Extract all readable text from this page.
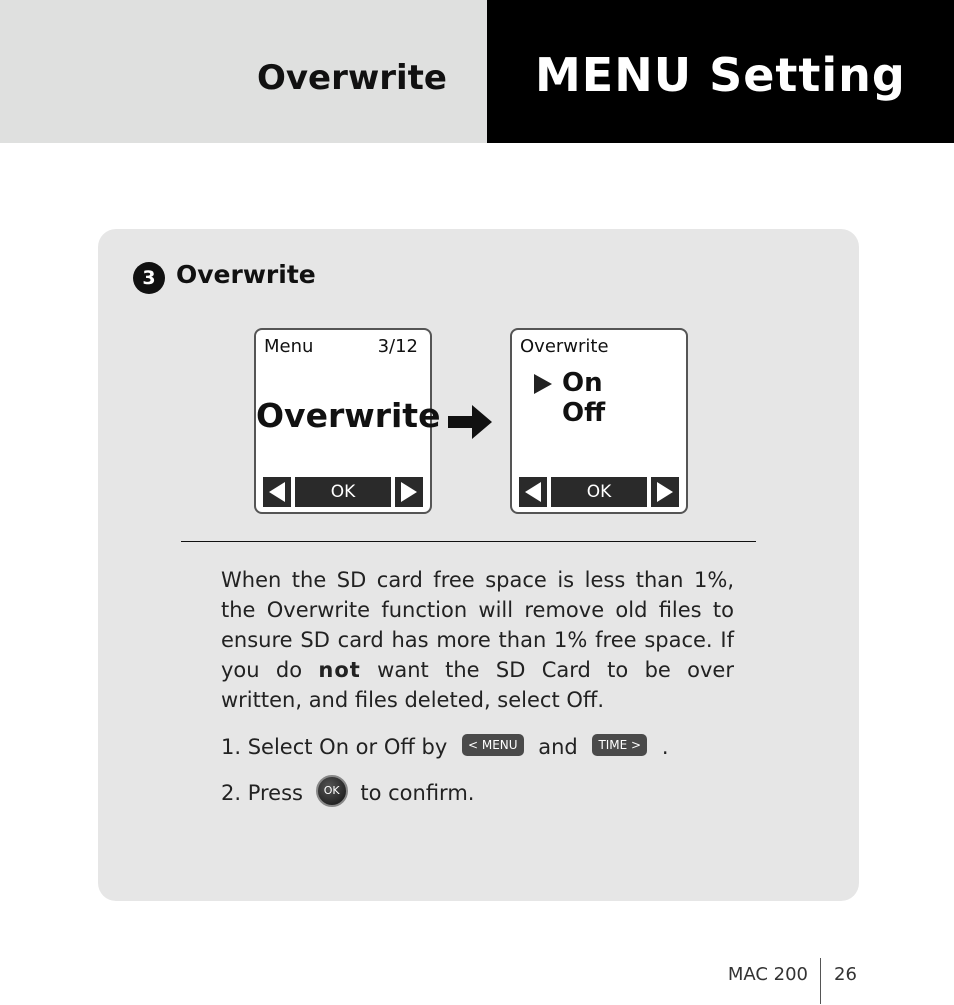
Overwrite MENU Setting
3 Overwrite
Menu	3/12
Overwrite
OK
Overwrite
On
Off
OK
When the SD card free space is less than 1%, the Overwrite function will remove old files to ensure SD card has more than 1% free space. If you do not want the SD Card to be over written, and files deleted, select Off.
1. Select On or Off by < MENU and TIME > .
2. Press OK to confirm.
MAC 200 26
